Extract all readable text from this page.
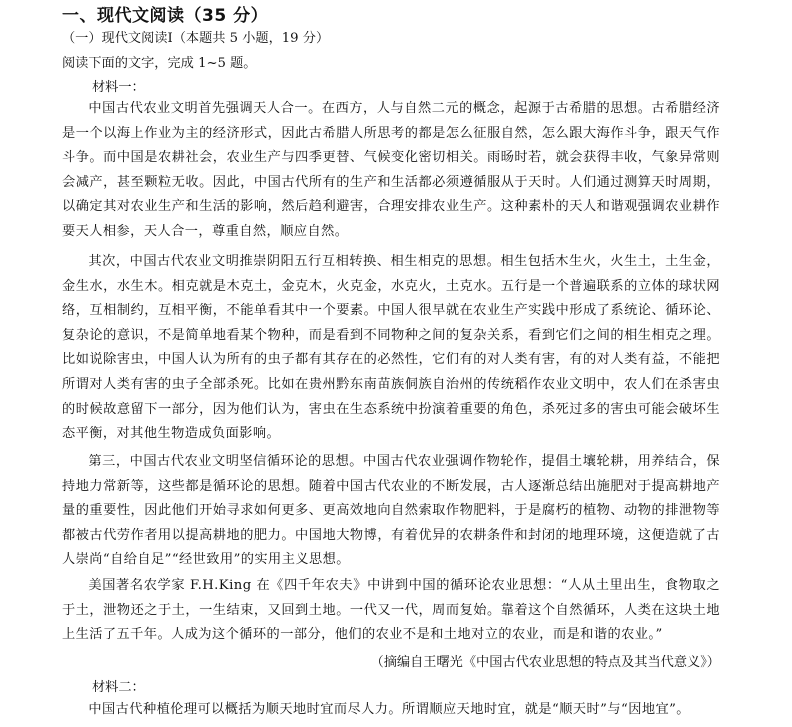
一、现代文阅读（35 分）
（一）现代文阅读Ⅰ（本题共 5 小题，19 分）
阅读下面的文字，完成 1~5 题。
材料一：
中国古代农业文明首先强调天人合一。在西方，人与自然二元的概念，起源于古希腊的思想。古希腊经济是一个以海上作业为主的经济形式，因此古希腊人所思考的都是怎么征服自然，怎么跟大海作斗争，跟天气作斗争。而中国是农耕社会，农业生产与四季更替、气候变化密切相关。雨旸时若，就会获得丰收，气象异常则会减产，甚至颗粒无收。因此，中国古代所有的生产和生活都必须遵循服从于天时。人们通过测算天时周期，以确定其对农业生产和生活的影响，然后趋利避害，合理安排农业生产。这种素朴的天人和谐观强调农业耕作要天人相参，天人合一，尊重自然，顺应自然。
其次，中国古代农业文明推崇阴阳五行互相转换、相生相克的思想。相生包括木生火，火生土，土生金，金生水，水生木。相克就是木克土，金克木，火克金，水克火，土克水。五行是一个普遍联系的立体的球状网络，互相制约，互相平衡，不能单看其中一个要素。中国人很早就在农业生产实践中形成了系统论、循环论、复杂论的意识，不是简单地看某个物种，而是看到不同物种之间的复杂关系，看到它们之间的相生相克之理。比如说除害虫，中国人认为所有的虫子都有其存在的必然性，它们有的对人类有害，有的对人类有益，不能把所谓对人类有害的虫子全部杀死。比如在贵州黔东南苗族侗族自治州的传统稻作农业文明中，农人们在杀害虫的时候故意留下一部分，因为他们认为，害虫在生态系统中扮演着重要的角色，杀死过多的害虫可能会破坏生态平衡，对其他生物造成负面影响。
第三，中国古代农业文明坚信循环论的思想。中国古代农业强调作物轮作，提倡土壤轮耕，用养结合，保持地力常新等，这些都是循环论的思想。随着中国古代农业的不断发展，古人逐渐总结出施肥对于提高耕地产量的重要性，因此他们开始寻求如何更多、更高效地向自然索取作物肥料，于是腐朽的植物、动物的排泄物等都被古代劳作者用以提高耕地的肥力。中国地大物博，有着优异的农耕条件和封闭的地理环境，这便造就了古人崇尚“自给自足”“经世致用”的实用主义思想。
美国著名农学家 F.H.King 在《四千年农夫》中讲到中国的循环论农业思想：“人从土里出生，食物取之于土，泄物还之于土，一生结束，又回到土地。一代又一代，周而复始。靠着这个自然循环，人类在这块土地上生活了五千年。人成为这个循环的一部分，他们的农业不是和土地对立的农业，而是和谐的农业。”
（摘编自王曙光《中国古代农业思想的特点及其当代意义》）
材料二：
中国古代种植伦理可以概括为顺天地时宜而尽人力。所谓顺应天地时宜，就是“顺天时”与“因地宜”。
